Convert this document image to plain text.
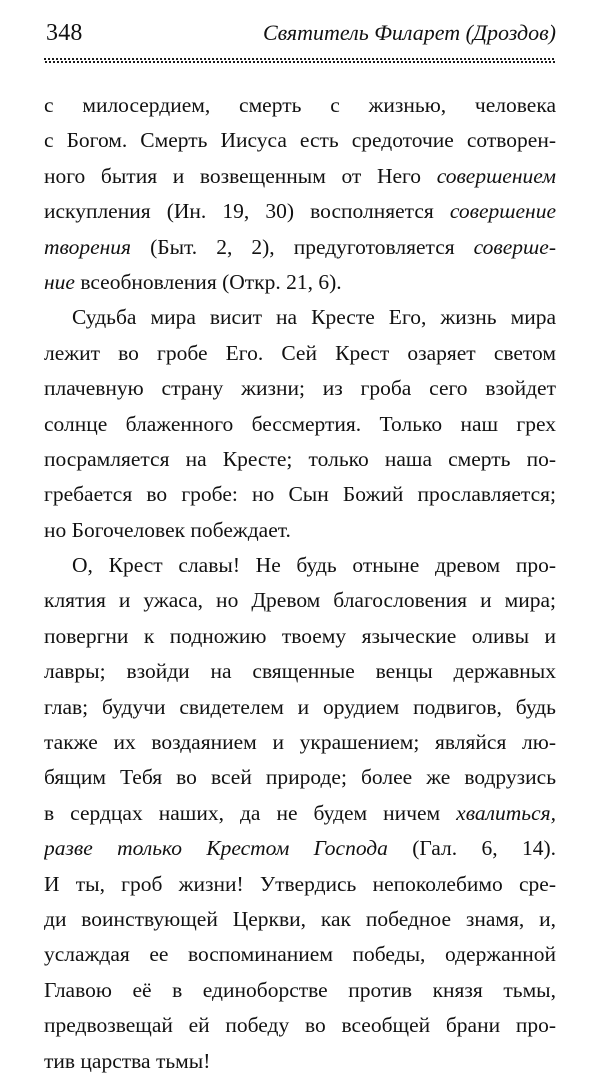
348	Святитель Филарет (Дроздов)
с милосердием, смерть с жизнью, человека
с Богом. Смерть Иисуса есть средоточие сотворен-
ного бытия и возвещенным от Него совершением
искупления (Ин. 19, 30) восполняется совершение
творения (Быт. 2, 2), предуготовляется соверше-
ние всеобновления (Откр. 21, 6).
Судьба мира висит на Кресте Его, жизнь мира
лежит во гробе Его. Сей Крест озаряет светом
плачевную страну жизни; из гроба сего взойдет
солнце блаженного бессмертия. Только наш грех
посрамляется на Кресте; только наша смерть по-
гребается во гробе: но Сын Божий прославляется;
но Богочеловек побеждает.
О, Крест славы! Не будь отныне древом про-
клятия и ужаса, но Древом благословения и мира;
повергни к подножию твоему языческие оливы и
лавры; взойди на священные венцы державных
глав; будучи свидетелем и орудием подвигов, будь
также их воздаянием и украшением; являйся лю-
бящим Тебя во всей природе; более же водрузись
в сердцах наших, да не будем ничем хвалиться,
разве только Крестом Господа (Гал. 6, 14).
И ты, гроб жизни! Утвердись непоколебимо сре-
ди воинствующей Церкви, как победное знамя, и,
услаждая ее воспоминанием победы, одержанной
Главою её в единоборстве против князя тьмы,
предвозвещай ей победу во всеобщей брани про-
тив царства тьмы!
